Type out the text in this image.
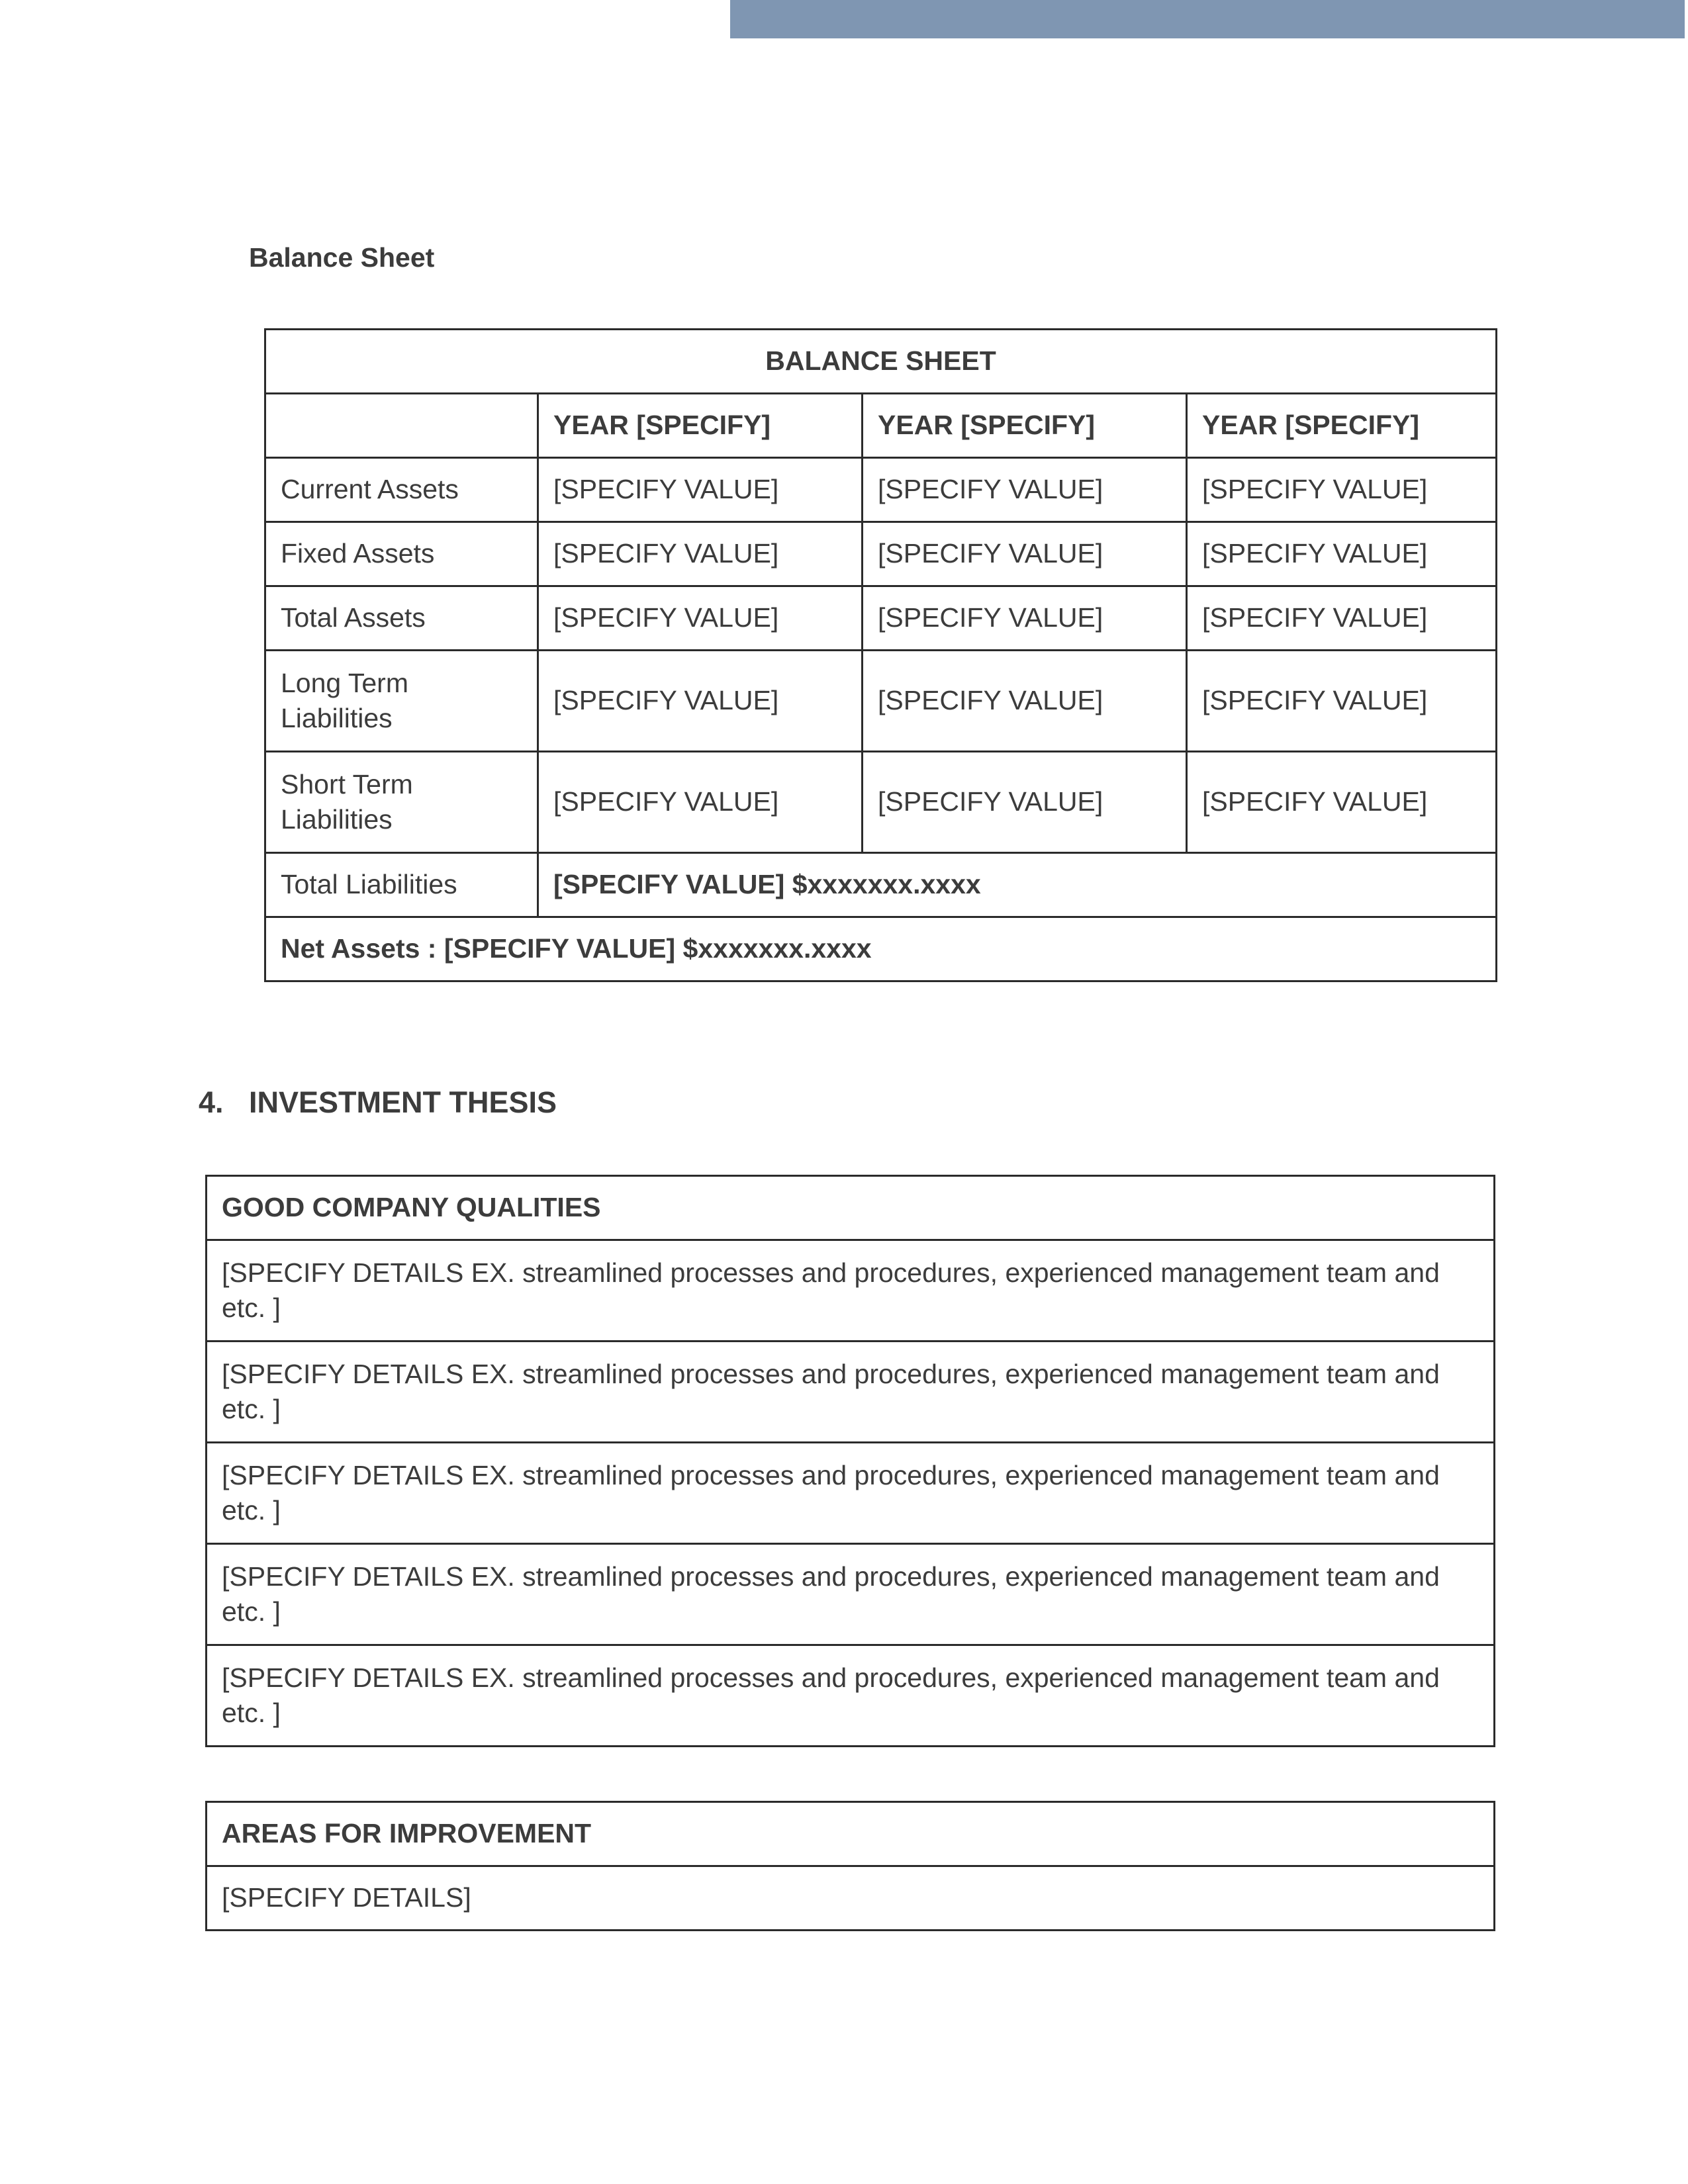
Balance Sheet
BALANCE SHEET			
	YEAR [SPECIFY]	YEAR [SPECIFY]	YEAR [SPECIFY]
Current Assets	[SPECIFY VALUE]	[SPECIFY VALUE]	[SPECIFY VALUE]
Fixed Assets	[SPECIFY VALUE]	[SPECIFY VALUE]	[SPECIFY VALUE]
Total Assets	[SPECIFY VALUE]	[SPECIFY VALUE]	[SPECIFY VALUE]
Long Term Liabilities	[SPECIFY VALUE]	[SPECIFY VALUE]	[SPECIFY VALUE]
Short Term Liabilities	[SPECIFY VALUE]	[SPECIFY VALUE]	[SPECIFY VALUE]
Total Liabilities	[SPECIFY VALUE] $xxxxxxx.xxxx		
Net Assets : [SPECIFY VALUE] $xxxxxxx.xxxx			
4. INVESTMENT THESIS
GOOD COMPANY QUALITIES
[SPECIFY DETAILS EX. streamlined processes and procedures, experienced management team and etc. ]
[SPECIFY DETAILS EX. streamlined processes and procedures, experienced management team and etc. ]
[SPECIFY DETAILS EX. streamlined processes and procedures, experienced management team and etc. ]
[SPECIFY DETAILS EX. streamlined processes and procedures, experienced management team and etc. ]
[SPECIFY DETAILS EX. streamlined processes and procedures, experienced management team and etc. ]
AREAS FOR IMPROVEMENT
[SPECIFY DETAILS]
